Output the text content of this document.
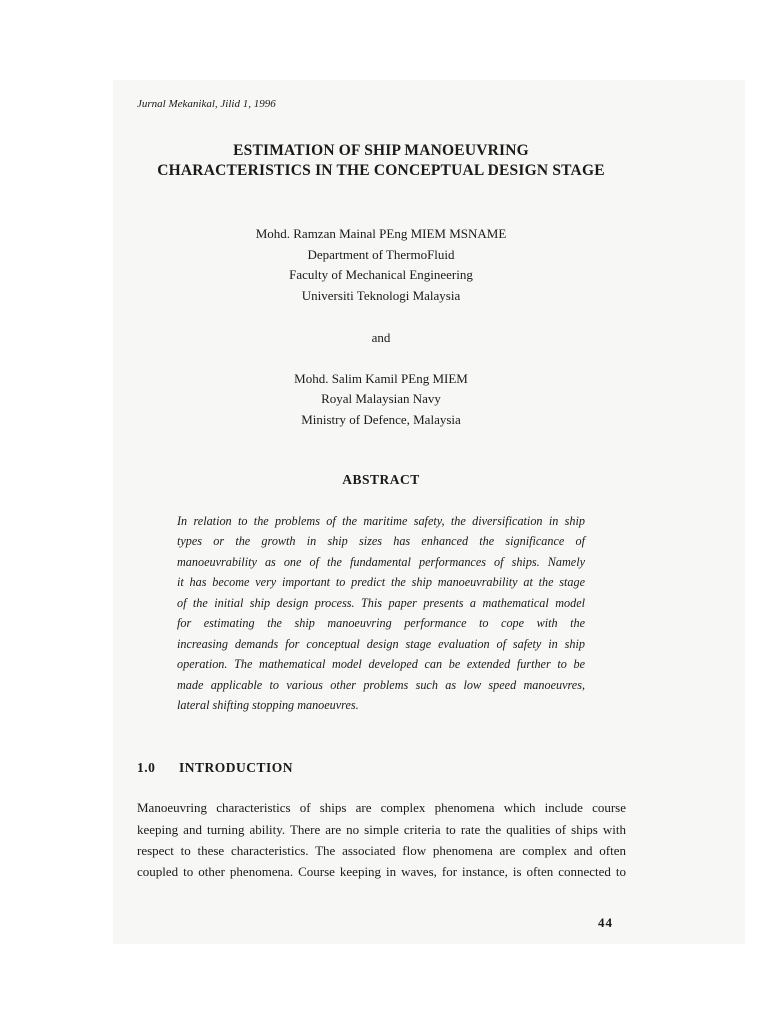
Jurnal Mekanikal, Jilid 1, 1996
ESTIMATION OF SHIP MANOEUVRING
CHARACTERISTICS IN THE CONCEPTUAL DESIGN STAGE
Mohd. Ramzan Mainal PEng MIEM MSNAME
Department of ThermoFluid
Faculty of Mechanical Engineering
Universiti Teknologi Malaysia
and
Mohd. Salim Kamil PEng MIEM
Royal Malaysian Navy
Ministry of Defence, Malaysia
ABSTRACT
In relation to the problems of the maritime safety, the diversification in ship
types or the growth in ship sizes has enhanced the significance of
manoeuvrability as one of the fundamental performances of ships. Namely
it has become very important to predict the ship manoeuvrability at the stage
of the initial ship design process. This paper presents a mathematical model
for estimating the ship manoeuvring performance to cope with the
increasing demands for conceptual design stage evaluation of safety in ship
operation. The mathematical model developed can be extended further to be
made applicable to various other problems such as low speed manoeuvres,
lateral shifting stopping manoeuvres.
1.0 INTRODUCTION
Manoeuvring characteristics of ships are complex phenomena which include course
keeping and turning ability. There are no simple criteria to rate the qualities of ships with
respect to these characteristics. The associated flow phenomena are complex and often
coupled to other phenomena. Course keeping in waves, for instance, is often connected to
44
